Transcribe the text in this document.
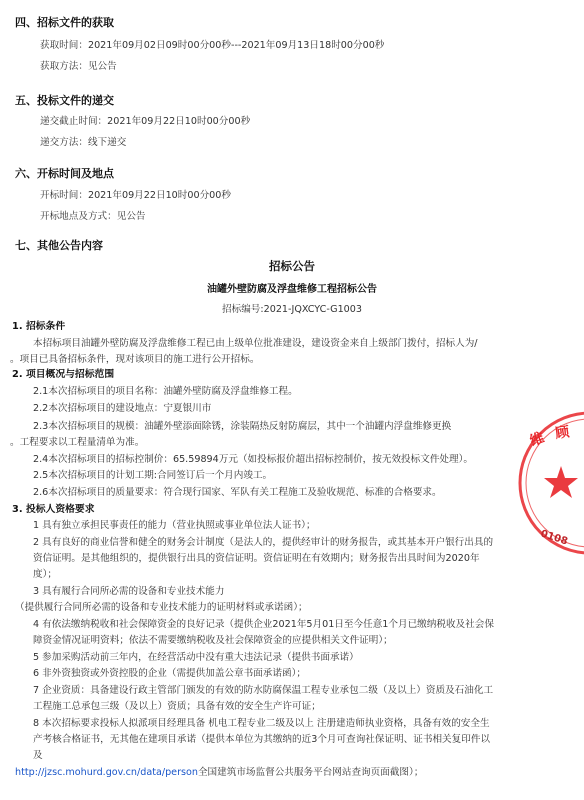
四、招标文件的获取
获取时间：2021年09月02日09时00分00秒---2021年09月13日18时00分00秒
获取方法：见公告
五、投标文件的递交
递交截止时间：2021年09月22日10时00分00秒
递交方法：线下递交
六、开标时间及地点
开标时间：2021年09月22日10时00分00秒
开标地点及方式：见公告
七、其他公告内容
招标公告
油罐外壁防腐及浮盘维修工程招标公告
招标编号:2021-JQXCYC-G1003
1. 招标条件
本招标项目油罐外壁防腐及浮盘维修工程已由上级单位批准建设，建设资金来自上级部门拨付，招标人为/
。项目已具备招标条件，现对该项目的施工进行公开招标。
2. 项目概况与招标范围
2.1本次招标项目的项目名称：油罐外壁防腐及浮盘维修工程。
2.2本次招标项目的建设地点：宁夏银川市
2.3本次招标项目的规模：油罐外壁添面除锈，涂装隔热反射防腐层，其中一个油罐内浮盘维修更换
。工程要求以工程量清单为准。
2.4本次招标项目的招标控制价：65.59894万元（如投标报价超出招标控制价，按无效投标文件处理）。
2.5本次招标项目的计划工期:合同签订后一个月内竣工。
2.6本次招标项目的质量要求：符合现行国家、军队有关工程施工及验收规范、标准的合格要求。
3. 投标人资格要求
1 具有独立承担民事责任的能力（营业执照或事业单位法人证书）；
2 具有良好的商业信誉和健全的财务会计制度（是法人的，提供经审计的财务报告，或其基本开户银行出具的
资信证明。是其他组织的，提供银行出具的资信证明。资信证明在有效期内；财务报告出具时间为2020年
度）；
3 具有履行合同所必需的设备和专业技术能力
（提供履行合同所必需的设备和专业技术能力的证明材料或承诺函）；
4 有依法缴纳税收和社会保障资金的良好记录（提供企业2021年5月01日至今任意1个月已缴纳税收及社会保
障资金情况证明资料；依法不需要缴纳税收及社会保障资金的应提供相关文件证明）；
5 参加采购活动前三年内，在经营活动中没有重大违法记录（提供书面承诺）
6 非外资独资或外资控股的企业（需提供加盖公章书面承诺函）；
7 企业资质：具备建设行政主管部门颁发的有效的防水防腐保温工程专业承包二级（及以上）资质及石油化工
工程施工总承包三级（及以上）资质；具备有效的安全生产许可证；
8 本次招标要求投标人拟派项目经理具备 机电工程专业二级及以上 注册建造师执业资格，具备有效的安全生
产考核合格证书，无其他在建项目承诺（提供本单位为其缴纳的近3个月可查询社保证明、证书相关复印件以
及
http://jzsc.mohurd.gov.cn/data/person全国建筑市场监督公共服务平台网站查询页面截图）；
维 顾
0108
